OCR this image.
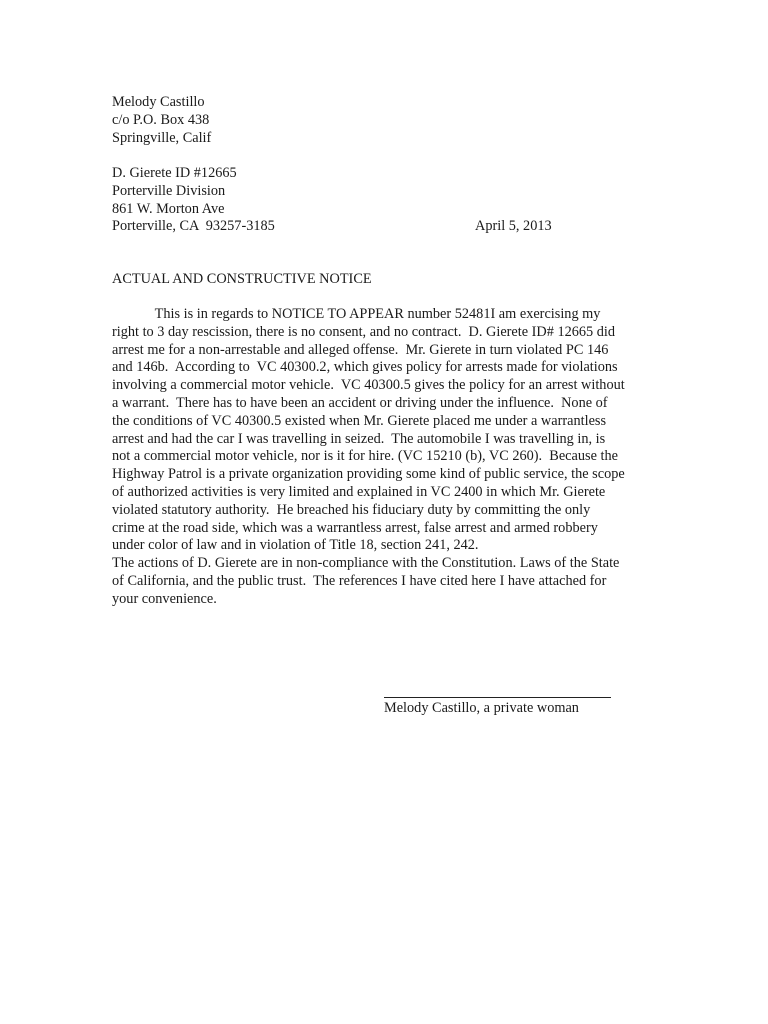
Melody Castillo
c/o P.O. Box 438
Springville, Calif
D. Gierete ID #12665
Porterville Division
861 W. Morton Ave
Porterville, CA  93257-3185	April 5, 2013
ACTUAL AND CONSTRUCTIVE NOTICE
This is in regards to NOTICE TO APPEAR number 52481I am exercising my
right to 3 day rescission, there is no consent, and no contract.  D. Gierete ID# 12665 did
arrest me for a non-arrestable and alleged offense.  Mr. Gierete in turn violated PC 146
and 146b.  According to  VC 40300.2, which gives policy for arrests made for violations
involving a commercial motor vehicle.  VC 40300.5 gives the policy for an arrest without
a warrant.  There has to have been an accident or driving under the influence.  None of
the conditions of VC 40300.5 existed when Mr. Gierete placed me under a warrantless
arrest and had the car I was travelling in seized.  The automobile I was travelling in, is
not a commercial motor vehicle, nor is it for hire. (VC 15210 (b), VC 260).  Because the
Highway Patrol is a private organization providing some kind of public service, the scope
of authorized activities is very limited and explained in VC 2400 in which Mr. Gierete
violated statutory authority.  He breached his fiduciary duty by committing the only
crime at the road side, which was a warrantless arrest, false arrest and armed robbery
under color of law and in violation of Title 18, section 241, 242.
The actions of D. Gierete are in non-compliance with the Constitution. Laws of the State
of California, and the public trust.  The references I have cited here I have attached for
your convenience.
Melody Castillo, a private woman
